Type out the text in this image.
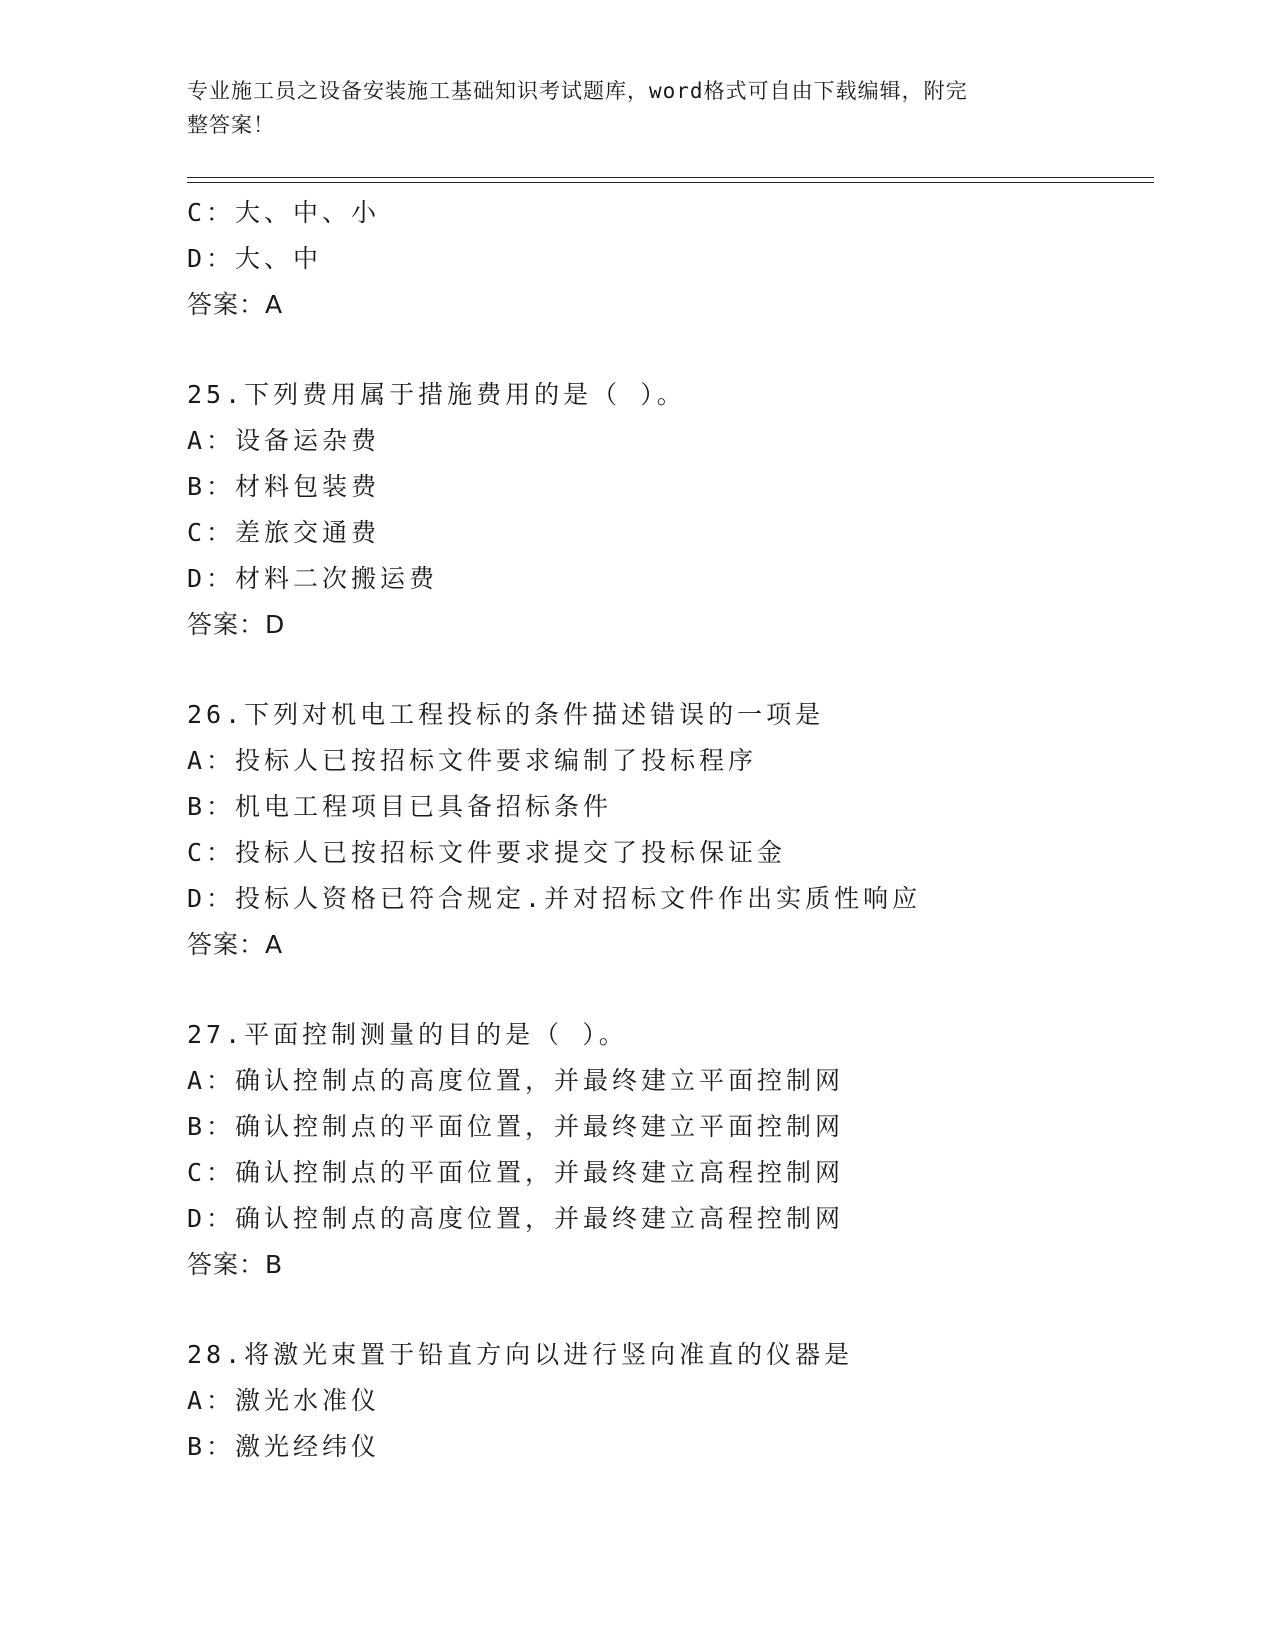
专业施工员之设备安装施工基础知识考试题库，word格式可自由下载编辑，附完
整答案！
C：大、中、小
D：大、中
答案：A
25.下列费用属于措施费用的是（ ）。
A：设备运杂费
B：材料包装费
C：差旅交通费
D：材料二次搬运费
答案：D
26.下列对机电工程投标的条件描述错误的一项是
A：投标人已按招标文件要求编制了投标程序
B：机电工程项目已具备招标条件
C：投标人已按招标文件要求提交了投标保证金
D：投标人资格已符合规定.并对招标文件作出实质性响应
答案：A
27.平面控制测量的目的是（ ）。
A：确认控制点的高度位置，并最终建立平面控制网
B：确认控制点的平面位置，并最终建立平面控制网
C：确认控制点的平面位置，并最终建立高程控制网
D：确认控制点的高度位置，并最终建立高程控制网
答案：B
28.将激光束置于铅直方向以进行竖向准直的仪器是
A：激光水准仪
B：激光经纬仪
